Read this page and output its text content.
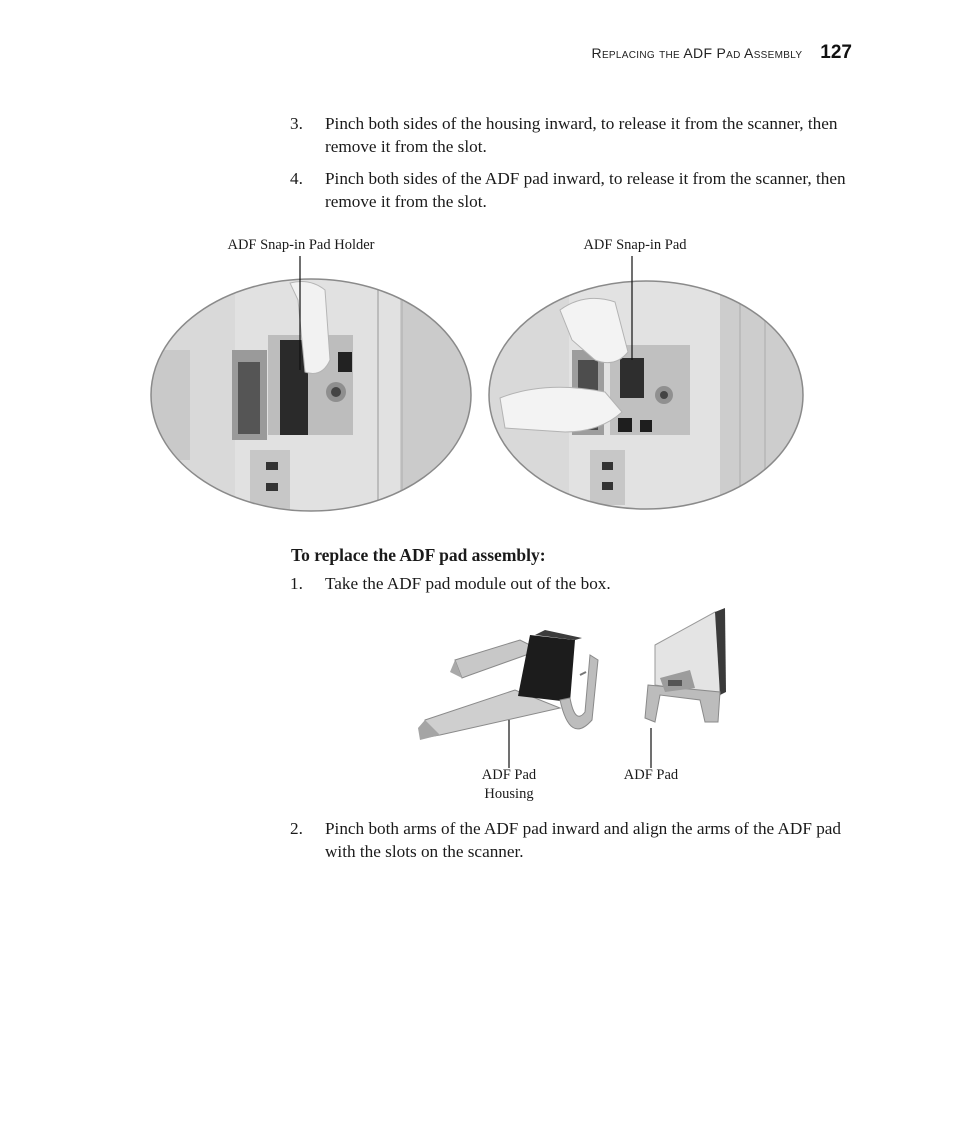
Replacing the ADF Pad Assembly 127
3.	Pinch both sides of the housing inward, to release it from the scanner, then remove it from the slot.
4.	Pinch both sides of the ADF pad inward, to release it from the scanner, then remove it from the slot.
ADF Snap-in Pad Holder	ADF Snap-in Pad
To replace the ADF pad assembly:
1.	Take the ADF pad module out of the box.
ADF Pad
Housing
ADF Pad
2.	Pinch both arms of the ADF pad inward and align the arms of the ADF pad with the slots on the scanner.
